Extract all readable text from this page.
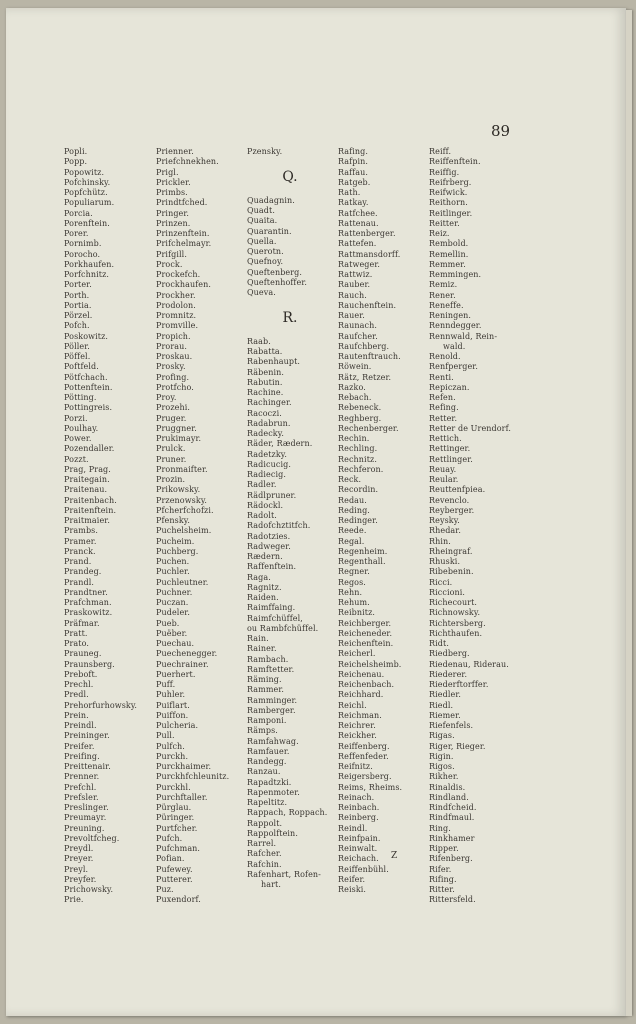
89
Popli.
Popp.
Popowitz.
Pofchinsky.
Popfchütz.
Populiarum.
Porcia.
Porenftein.
Porer.
Pornimb.
Porocho.
Porkhaufen.
Porfchnitz.
Porter.
Porth.
Portia.
Pörzel.
Pofch.
Poskowitz.
Pöller.
Pöffel.
Poftfeld.
Pötfchach.
Pottenftein.
Pötting.
Pottingreis.
Porzi.
Poulhay.
Power.
Pozendaller.
Pozzt.
Prag, Prag.
Praitegain.
Praitenau.
Praitenbach.
Praitenftein.
Praitmaier.
Prambs.
Pramer.
Pranck.
Prand.
Prandeg.
Prandl.
Prandtner.
Prafchman.
Praskowitz.
Präfmar.
Pratt.
Prato.
Prauneg.
Praunsberg.
Preboft.
Prechl.
Predl.
Prehorfurhowsky.
Prein.
Preindl.
Preininger.
Preifer.
Preifing.
Preittenair.
Prenner.
Prefchl.
Prefsler.
Preslinger.
Preumayr.
Preuning.
Prevoltfcheg.
Preydl.
Preyer.
Preyl.
Preyfer.
Prichowsky.
Prie.
Prienner.
Priefchnekhen.
Prigl.
Prickler.
Primbs.
Prindtfched.
Pringer.
Prinzen.
Prinzenftein.
Prifchelmayr.
Prifgill.
Prock.
Prockefch.
Prockhaufen.
Prockher.
Prodolon.
Promnitz.
Promville.
Propich.
Prorau.
Proskau.
Prosky.
Profing.
Protfcho.
Proy.
Prozehi.
Pruger.
Pruggner.
Prukimayr.
Prulck.
Pruner.
Pronmaifter.
Prozin.
Prikowsky.
Przenowsky.
Pfcherfchofzi.
Pfensky.
Puchelsheim.
Pucheim.
Puchberg.
Puchen.
Puchler.
Puchleutner.
Puchner.
Puczan.
Pudeler.
Pueb.
Puëber.
Puechau.
Puechenegger.
Puechrainer.
Puerhert.
Puff.
Puhler.
Puiflart.
Puiffon.
Pulcheria.
Pull.
Pulfch.
Purckh.
Purckhaimer.
Purckhfchleunitz.
Purckhl.
Purchftaller.
Pürglau.
Püringer.
Purtfcher.
Pufch.
Pufchman.
Pofian.
Pufewey.
Putterer.
Puz.
Puxendorf.
Pzensky.
Q.
Quadagnin.
Quadt.
Quaita.
Quarantin.
Quella.
Querotn.
Quefnoy.
Queftenberg.
Queftenhoffer.
Queva.
R.
Raab.
Rabatta.
Rabenhaupt.
Räbenin.
Rabutin.
Rachine.
Rachinger.
Racoczi.
Radabrun.
Radecky.
Räder, Rædern.
Radetzky.
Radicucig.
Radiecig.
Radler.
Rädlpruner.
Rädockl.
Radolt.
Radofchztitfch.
Radotzies.
Radweger.
Rædern.
Raffenftein.
Raga.
Ragnitz.
Raiden.
Raimffaing.
Raimfchüffel,
ou Rambfchüffel.
Rain.
Rainer.
Rambach.
Ramftetter.
Räming.
Rammer.
Ramminger.
Ramberger.
Ramponi.
Rämps.
Ramfahwag.
Ramfauer.
Randegg.
Ranzau.
Rapadtzki.
Rapenmoter.
Rapeltitz.
Rappach, Roppach.
Rappolt.
Rappolftein.
Rarrel.
Rafcher.
Rafchin.
Rafenhart, Rofen-
hart.
Rafing.
Rafpin.
Raffau.
Ratgeb.
Rath.
Ratkay.
Ratfchee.
Rattenau.
Rattenberger.
Rattefen.
Rattmansdorff.
Ratweger.
Rattwiz.
Rauber.
Rauch.
Rauchenftein.
Rauer.
Raunach.
Raufcher.
Raufchberg.
Rautenftrauch.
Röwein.
Rätz, Retzer.
Razko.
Rebach.
Rebeneck.
Reghberg.
Rechenberger.
Rechin.
Rechling.
Rechnitz.
Rechferon.
Reck.
Recordin.
Redau.
Reding.
Redinger.
Reede.
Regal.
Regenheim.
Regenthall.
Regner.
Regos.
Rehn.
Rehum.
Reibnitz.
Reichberger.
Reicheneder.
Reichenftein.
Reicherl.
Reichelsheimb.
Reichenau.
Reichenbach.
Reichhard.
Reichl.
Reichman.
Reichrer.
Reickher.
Reiffenberg.
Reffenfeder.
Reifnitz.
Reigersberg.
Reims, Rheims.
Reinach.
Reinbach.
Reinberg.
Reindl.
Reinfpain.
Reinwalt.
Reichach.
Reiffenbühl.
Reifer.
Reiski.
Reiff.
Reiffenftein.
Reiffig.
Reifrberg.
Reifwick.
Reithorn.
Reitlinger.
Reitter.
Reiz.
Rembold.
Remellin.
Remmer.
Remmingen.
Remiz.
Rener.
Reneffe.
Reningen.
Renndegger.
Rennwald, Rein-
wald.
Renold.
Renfperger.
Renti.
Repiczan.
Refen.
Refing.
Retter.
Retter de Urendorf.
Rettich.
Rettinger.
Rettlinger.
Reuay.
Reular.
Reuttenfpiea.
Revenclo.
Reyberger.
Reysky.
Rhedar.
Rhin.
Rheingraf.
Rhuski.
Ribebenin.
Ricci.
Riccioni.
Richecourt.
Richnowsky.
Richtersberg.
Richthaufen.
Ridt.
Riedberg.
Riedenau, Riderau.
Riederer.
Riederftorffer.
Riedler.
Riedl.
Riemer.
Riefenfels.
Rigas.
Riger, Rieger.
Rigin.
Rigos.
Rikher.
Rinaldis.
Rindland.
Rindfcheid.
Rindfmaul.
Ring.
Rinkhamer
Ripper.
Rifenberg.
Rifer.
Rifing.
Ritter.
Rittersfeld.
Z
